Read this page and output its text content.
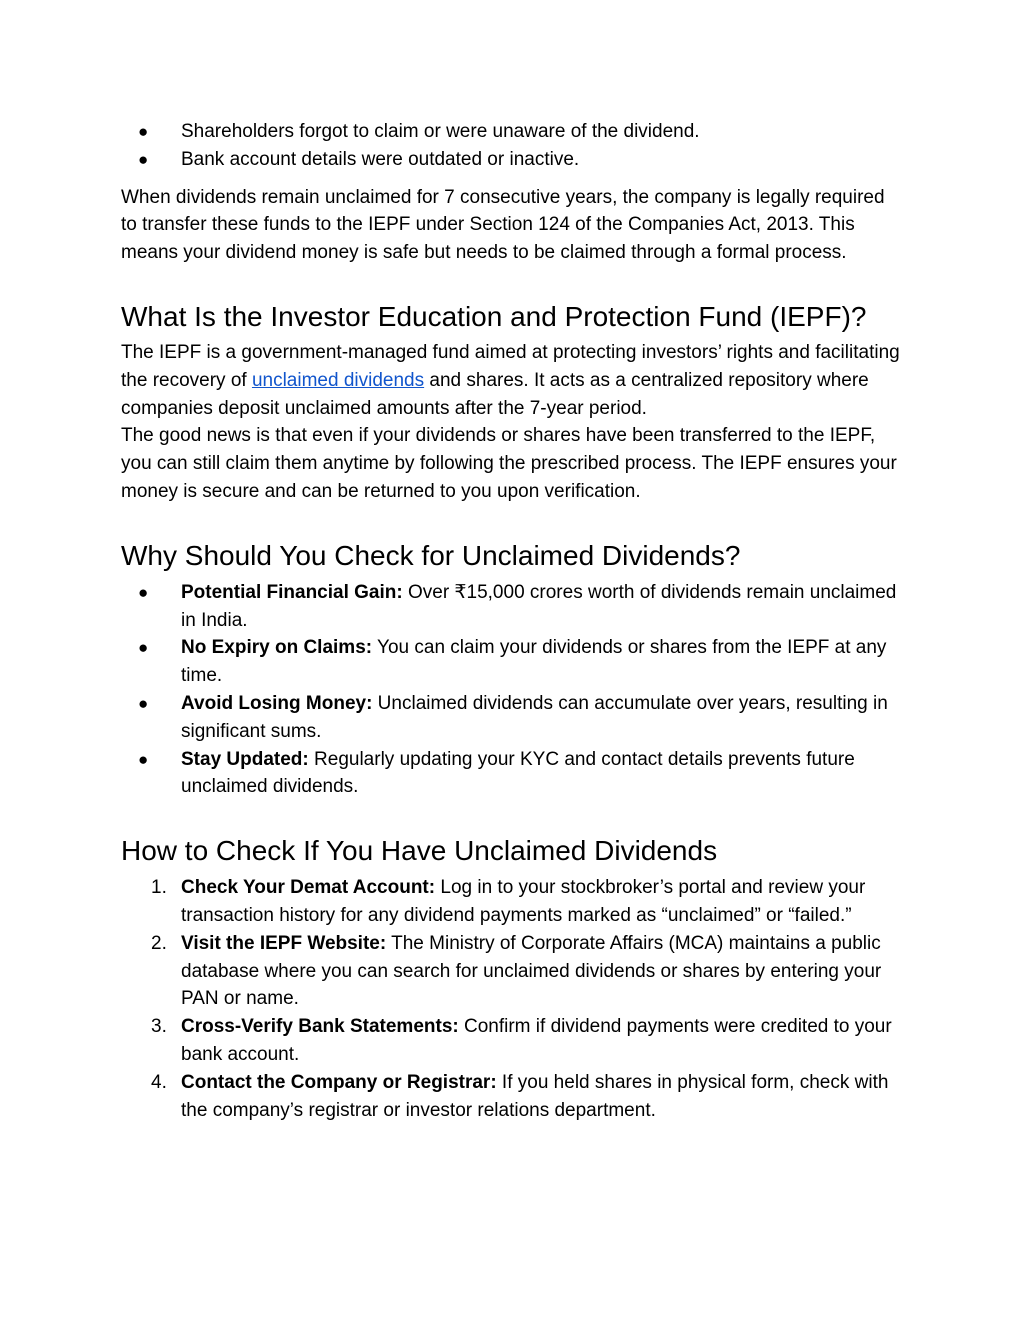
● Shareholders forgot to claim or were unaware of the dividend.
● Bank account details were outdated or inactive.

When dividends remain unclaimed for 7 consecutive years, the company is legally required to transfer these funds to the IEPF under Section 124 of the Companies Act, 2013. This means your dividend money is safe but needs to be claimed through a formal process.

What Is the Investor Education and Protection Fund (IEPF)?

The IEPF is a government-managed fund aimed at protecting investors’ rights and facilitating the recovery of unclaimed dividends and shares. It acts as a centralized repository where companies deposit unclaimed amounts after the 7-year period.

The good news is that even if your dividends or shares have been transferred to the IEPF, you can still claim them anytime by following the prescribed process. The IEPF ensures your money is secure and can be returned to you upon verification.

Why Should You Check for Unclaimed Dividends?
● Potential Financial Gain: Over ₹15,000 crores worth of dividends remain unclaimed in India.
● No Expiry on Claims: You can claim your dividends or shares from the IEPF at any time.
● Avoid Losing Money: Unclaimed dividends can accumulate over years, resulting in significant sums.
● Stay Updated: Regularly updating your KYC and contact details prevents future unclaimed dividends.
How to Check If You Have Unclaimed Dividends
1. Check Your Demat Account: Log in to your stockbroker’s portal and review your transaction history for any dividend payments marked as “unclaimed” or “failed.”
2. Visit the IEPF Website: The Ministry of Corporate Affairs (MCA) maintains a public database where you can search for unclaimed dividends or shares by entering your PAN or name.
3. Cross-Verify Bank Statements: Confirm if dividend payments were credited to your bank account.
4. Contact the Company or Registrar: If you held shares in physical form, check with the company’s registrar or investor relations department.
